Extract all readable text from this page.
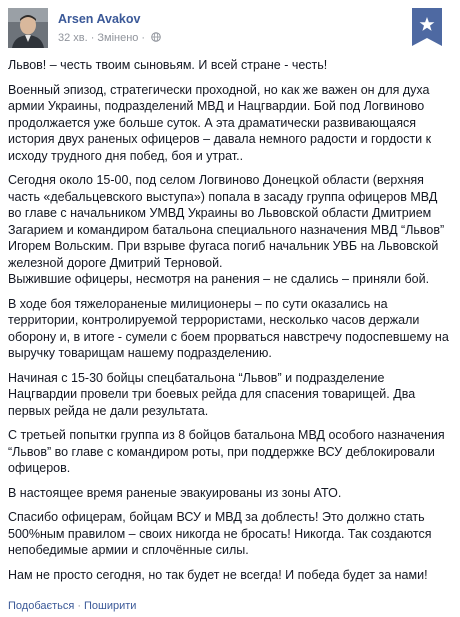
Arsen Avakov
32 хв. · Змінено ·

Львов! – честь твоим сыновьям. И всей стране - честь!

Военный эпизод, стратегически проходной, но как же важен он для духа армии Украины, подразделений МВД и Нацгвардии. Бой под Логвиново продолжается уже больше суток. А эта драматически развивающаяся история двух раненых офицеров – давала немного радости и гордости к исходу трудного дня побед, боя и утрат..

Сегодня около 15-00, под селом Логвиново Донецкой области (верхняя часть «дебальцевского выступа») попала в засаду группа офицеров МВД во главе с начальником УМВД Украины во Львовской области Дмитрием Загарием и командиром батальона специального назначения МВД “Львов” Игорем Вольским. При взрыве фугаса погиб начальник УВБ на Львовской железной дороге Дмитрий Терновой.

Выжившие офицеры, несмотря на ранения – не сдались – приняли бой.

В ходе боя тяжелораненые милиционеры – по сути оказались на территории, контролируемой террористами, несколько часов держали оборону и, в итоге - сумели с боем прорваться навстречу подоспевшему на выручку товарищам нашему подразделению.

Начиная с 15-30 бойцы спецбатальона “Львов” и подразделение Нацгвардии провели три боевых рейда для спасения товарищей. Два первых рейда не дали результата.

С третьей попытки группа из 8 бойцов батальона МВД особого назначения “Львов” во главе с командиром роты, при поддержке ВСУ деблокировали офицеров.

В настоящее время раненые эвакуированы из зоны АТО.

Спасибо офицерам, бойцам ВСУ и МВД за доблесть! Это должно стать 500%ным правилом – своих никогда не бросать! Никогда. Так создаются непобедимые армии и сплочённые силы.

Нам не просто сегодня, но так будет не всегда! И победа будет за нами!

Подобається · Поширити
